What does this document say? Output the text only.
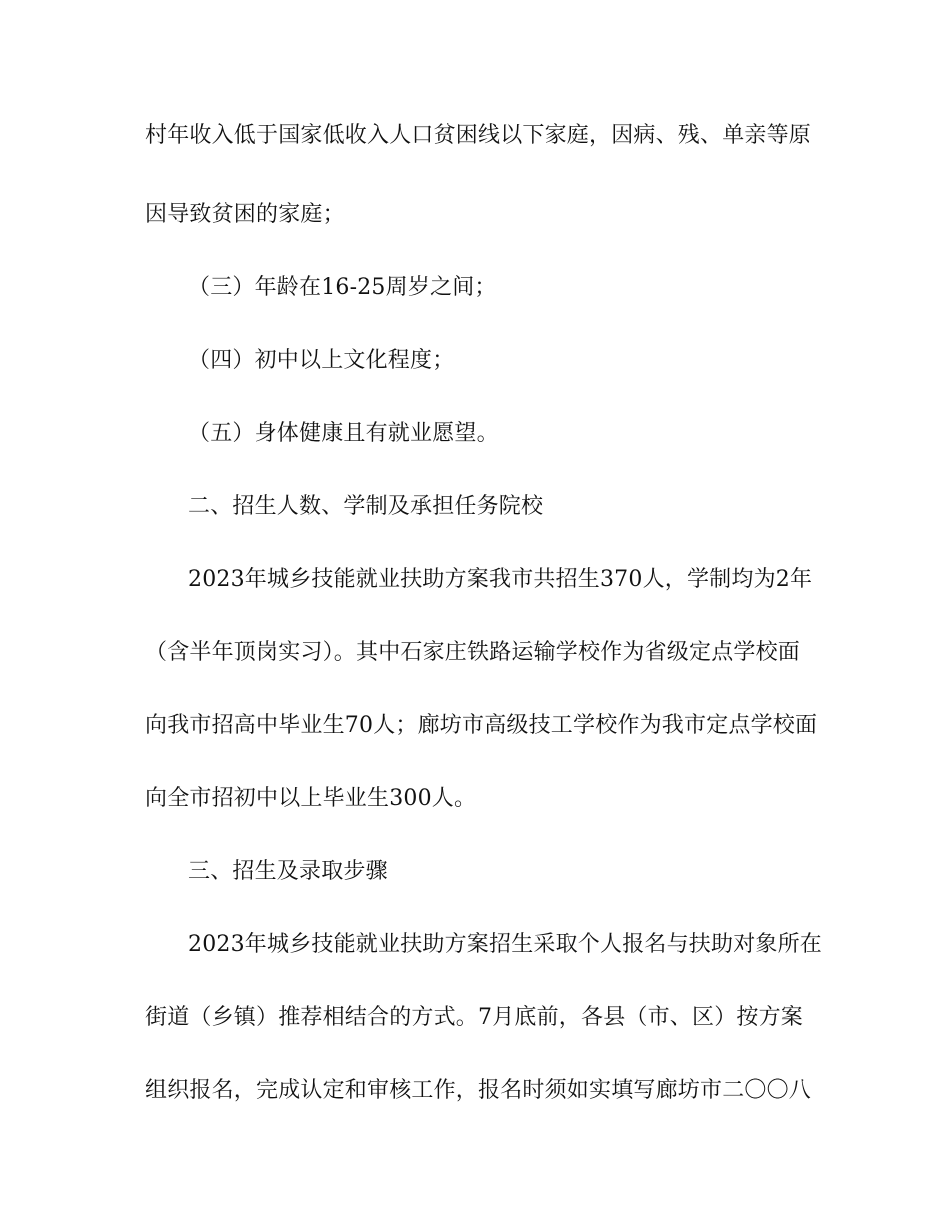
村年收入低于国家低收入人口贫困线以下家庭，因病、残、单亲等原
因导致贫困的家庭；
（三）年龄在16-25周岁之间；
（四）初中以上文化程度；
（五）身体健康且有就业愿望。
二、招生人数、学制及承担任务院校
2023年城乡技能就业扶助方案我市共招生370人，学制均为2年
（含半年顶岗实习）。其中石家庄铁路运输学校作为省级定点学校面
向我市招高中毕业生70人；廊坊市高级技工学校作为我市定点学校面
向全市招初中以上毕业生300人。
三、招生及录取步骤
2023年城乡技能就业扶助方案招生采取个人报名与扶助对象所在
街道（乡镇）推荐相结合的方式。7月底前，各县（市、区）按方案
组织报名，完成认定和审核工作，报名时须如实填写廊坊市二〇〇八
